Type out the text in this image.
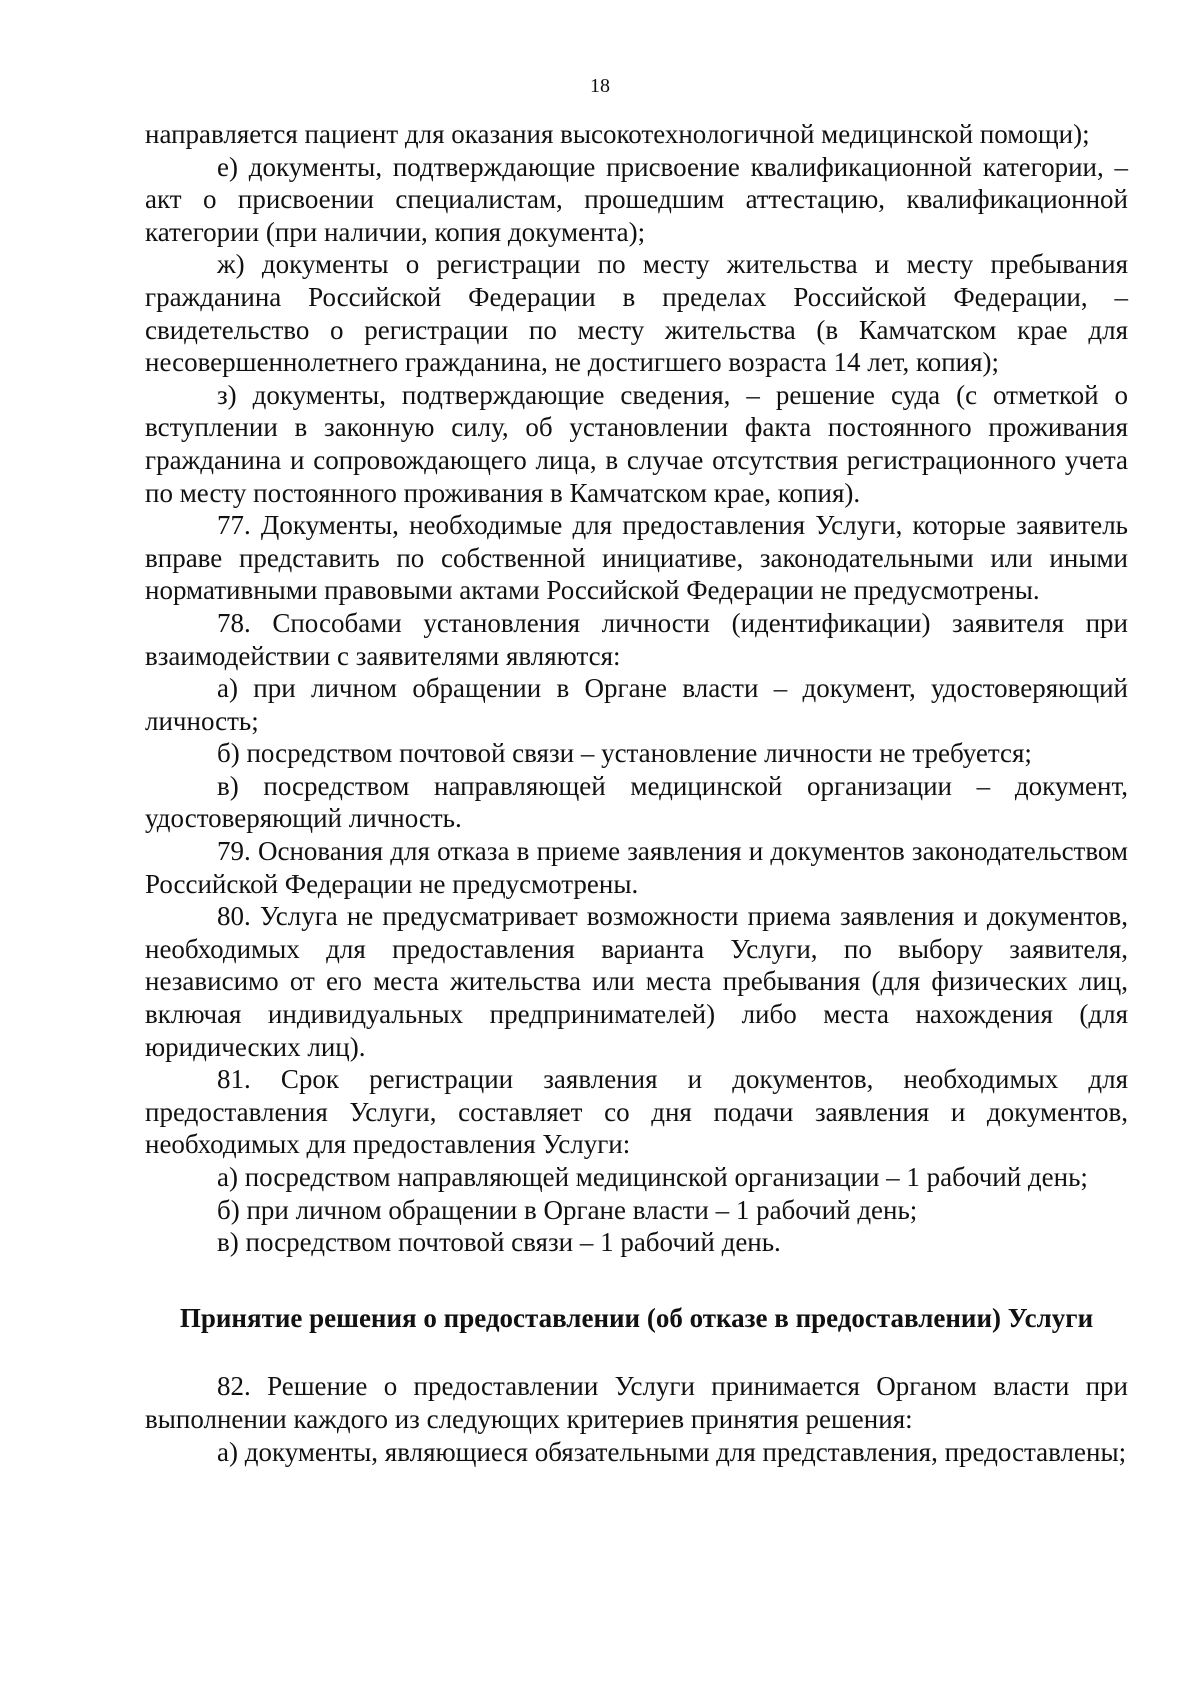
18

направляется пациент для оказания высокотехнологичной медицинской помощи);

е) документы, подтверждающие присвоение квалификационной категории, – акт о присвоении специалистам, прошедшим аттестацию, квалификационной категории (при наличии, копия документа);

ж) документы о регистрации по месту жительства и месту пребывания гражданина Российской Федерации в пределах Российской Федерации, – свидетельство о регистрации по месту жительства (в Камчатском крае для несовершеннолетнего гражданина, не достигшего возраста 14 лет, копия);

з) документы, подтверждающие сведения, – решение суда (с отметкой о вступлении в законную силу, об установлении факта постоянного проживания гражданина и сопровождающего лица, в случае отсутствия регистрационного учета по месту постоянного проживания в Камчатском крае, копия).

77. Документы, необходимые для предоставления Услуги, которые заявитель вправе представить по собственной инициативе, законодательными или иными нормативными правовыми актами Российской Федерации не предусмотрены.

78. Способами установления личности (идентификации) заявителя при взаимодействии с заявителями являются:

а) при личном обращении в Органе власти – документ, удостоверяющий личность;

б) посредством почтовой связи – установление личности не требуется;

в) посредством направляющей медицинской организации – документ, удостоверяющий личность.

79. Основания для отказа в приеме заявления и документов законодательством Российской Федерации не предусмотрены.

80. Услуга не предусматривает возможности приема заявления и документов, необходимых для предоставления варианта Услуги, по выбору заявителя, независимо от его места жительства или места пребывания (для физических лиц, включая индивидуальных предпринимателей) либо места нахождения (для юридических лиц).

81. Срок регистрации заявления и документов, необходимых для предоставления Услуги, составляет со дня подачи заявления и документов, необходимых для предоставления Услуги:

а) посредством направляющей медицинской организации – 1 рабочий день;

б) при личном обращении в Органе власти – 1 рабочий день;

в) посредством почтовой связи – 1 рабочий день.

Принятие решения о предоставлении (об отказе в предоставлении) Услуги

82. Решение о предоставлении Услуги принимается Органом власти при выполнении каждого из следующих критериев принятия решения:

а) документы, являющиеся обязательными для представления, предоставлены;
